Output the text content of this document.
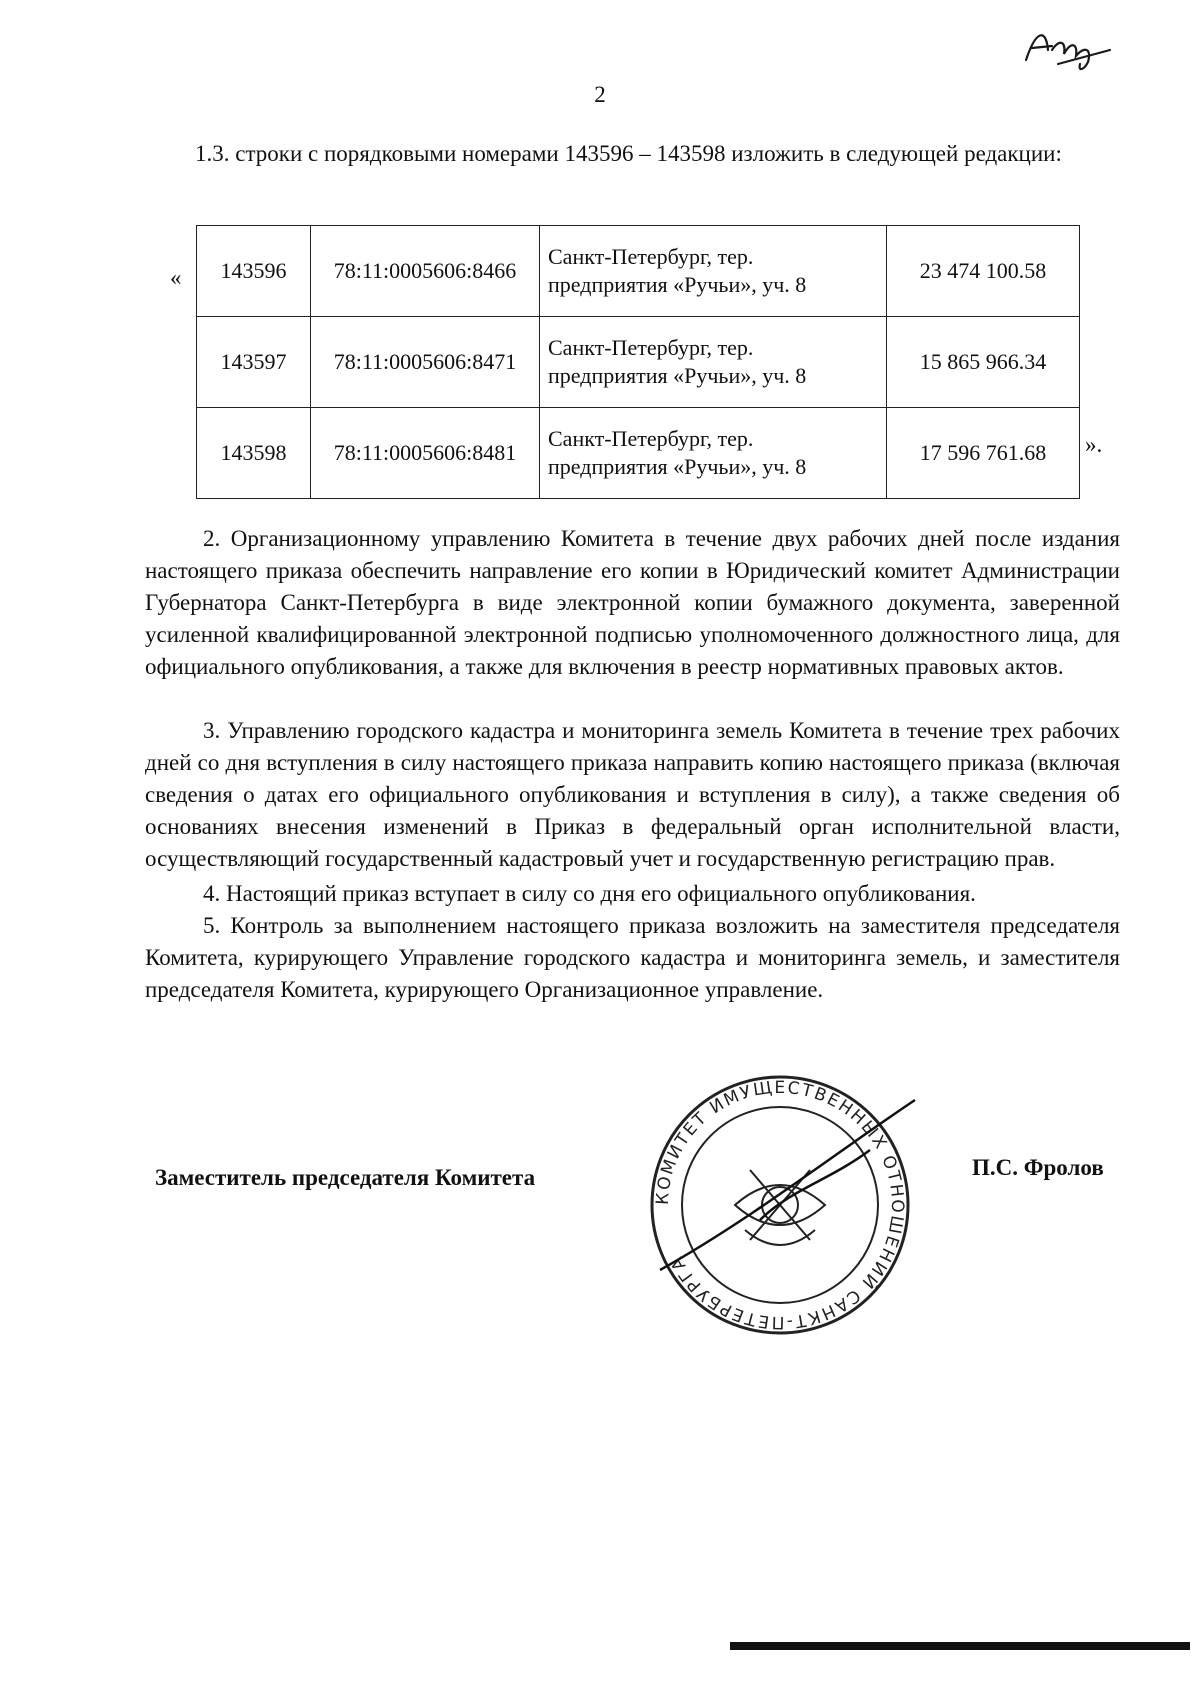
2

1.3. строки с порядковыми номерами 143596 – 143598 изложить в следующей редакции:

« 143596	78:11:0005606:8466	Санкт-Петербург, тер. предприятия «Ручьи», уч. 8	23 474 100.58
143597	78:11:0005606:8471	Санкт-Петербург, тер. предприятия «Ручьи», уч. 8	15 865 966.34
143598	78:11:0005606:8481	Санкт-Петербург, тер. предприятия «Ручьи», уч. 8	17 596 761.68 ».

2. Организационному управлению Комитета в течение двух рабочих дней после издания настоящего приказа обеспечить направление его копии в Юридический комитет Администрации Губернатора Санкт-Петербурга в виде электронной копии бумажного документа, заверенной усиленной квалифицированной электронной подписью уполномоченного должностного лица, для официального опубликования, а также для включения в реестр нормативных правовых актов.

3. Управлению городского кадастра и мониторинга земель Комитета в течение трех рабочих дней со дня вступления в силу настоящего приказа направить копию настоящего приказа (включая сведения о датах его официального опубликования и вступления в силу), а также сведения об основаниях внесения изменений в Приказ в федеральный орган исполнительной власти, осуществляющий государственный кадастровый учет и государственную регистрацию прав.

4. Настоящий приказ вступает в силу со дня его официального опубликования.

5. Контроль за выполнением настоящего приказа возложить на заместителя председателя Комитета, курирующего Управление городского кадастра и мониторинга земель, и заместителя председателя Комитета, курирующего Организационное управление.

КОМИТЕТ ИМУЩЕСТВЕННЫХ ОТНОШЕНИЙ САНКТ-ПЕТЕРБУРГА
Заместитель председателя Комитета	П.С. Фролов
